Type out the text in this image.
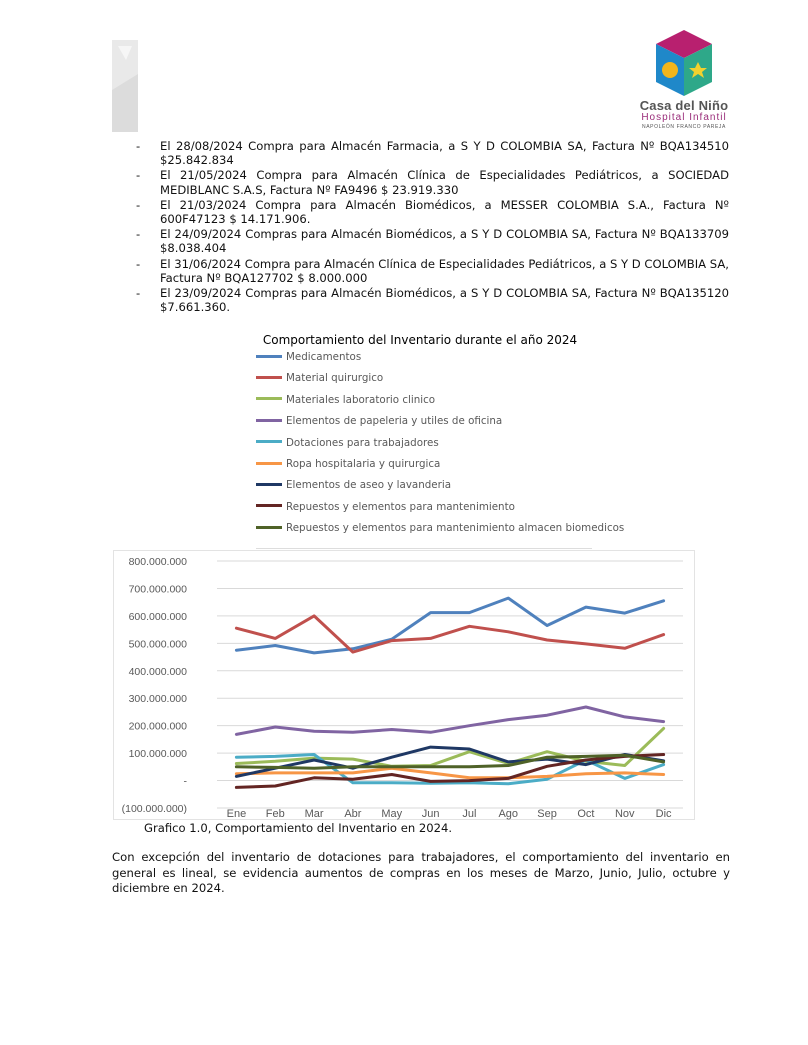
Casa del Niño
Hospital Infantil
NAPOLEÓN FRANCO PAREJA
- El 28/08/2024 Compra para Almacén Farmacia, a S Y D COLOMBIA SA, Factura Nº BQA134510 $25.842.834
- El 21/05/2024 Compra para Almacén Clínica de Especialidades Pediátricos, a SOCIEDAD MEDIBLANC S.A.S, Factura Nº FA9496 $ 23.919.330
- El 21/03/2024 Compra para Almacén Biomédicos, a MESSER COLOMBIA S.A., Factura Nº 600F47123 $ 14.171.906.
- El 24/09/2024 Compras para Almacén Biomédicos, a S Y D COLOMBIA SA, Factura Nº BQA133709 $8.038.404
- El 31/06/2024 Compra para Almacén Clínica de Especialidades Pediátricos, a S Y D COLOMBIA SA, Factura Nº BQA127702 $ 8.000.000
- El 23/09/2024 Compras para Almacén Biomédicos, a S Y D COLOMBIA SA, Factura Nº BQA135120 $7.661.360.
Comportamiento del Inventario durante el año 2024
Medicamentos
Material quirurgico
Materiales laboratorio clinico
Elementos de papeleria y utiles de oficina
Dotaciones para trabajadores
Ropa hospitalaria y quirurgica
Elementos de aseo y lavanderia
Repuestos y elementos para mantenimiento
Repuestos y elementos para mantenimiento almacen biomedicos
800.000.000
700.000.000
600.000.000
500.000.000
400.000.000
300.000.000
200.000.000
100.000.000
-
(100.000.000)	Ene Feb Mar Abr May Jun Jul Ago Sep Oct Nov Dic
Grafico 1.0, Comportamiento del Inventario en 2024.
Con excepción del inventario de dotaciones para trabajadores, el comportamiento del inventario en general es lineal, se evidencia aumentos de compras en los meses de Marzo, Junio, Julio, octubre y diciembre en 2024.
